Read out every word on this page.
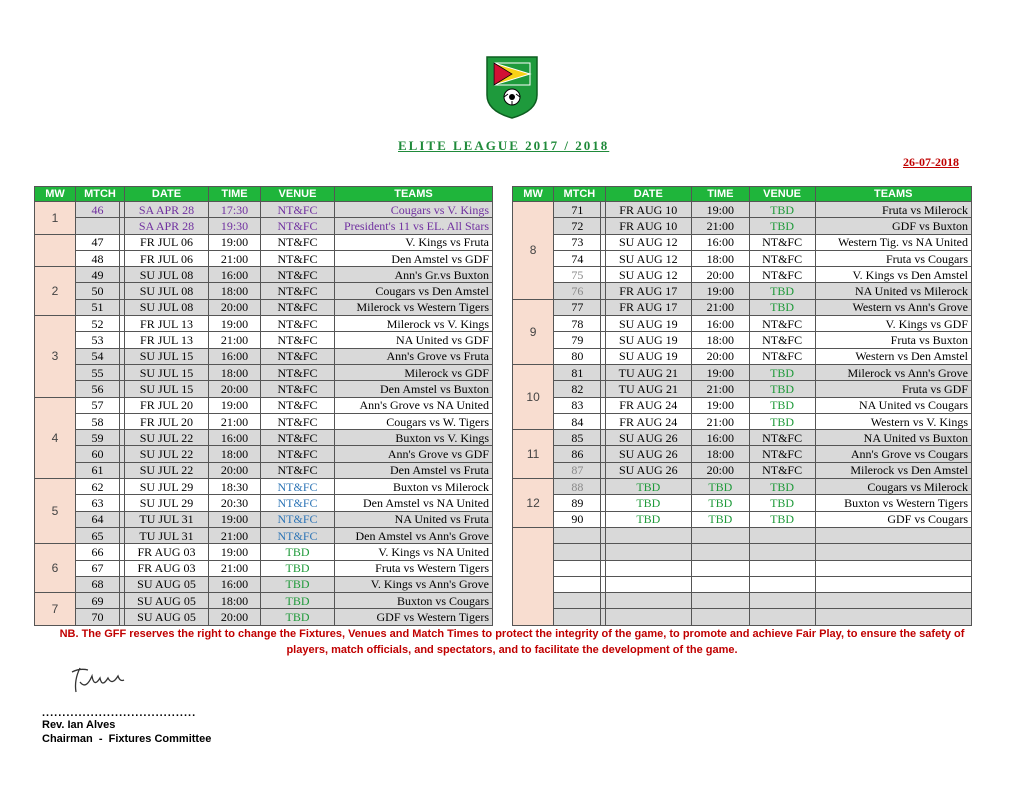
ELITE LEAGUE 2017 / 2018
26-07-2018
MW	MTCH		DATE	TIME	VENUE	TEAMS
1	46		SA APR 28	17:30	NT&FC	Cougars vs V. Kings
			SA APR 28	19:30	NT&FC	President's 11 vs EL. All Stars
	47		FR JUL 06	19:00	NT&FC	V. Kings vs Fruta
	48		FR JUL 06	21:00	NT&FC	Den Amstel vs GDF
2	49		SU JUL 08	16:00	NT&FC	Ann's Gr.vs Buxton
	50		SU JUL 08	18:00	NT&FC	Cougars vs Den Amstel
	51		SU JUL 08	20:00	NT&FC	Milerock vs Western Tigers
3	52		FR JUL 13	19:00	NT&FC	Milerock vs V. Kings
	53		FR JUL 13	21:00	NT&FC	NA United vs GDF
	54		SU JUL 15	16:00	NT&FC	Ann's Grove vs Fruta
	55		SU JUL 15	18:00	NT&FC	Milerock vs GDF
	56		SU JUL 15	20:00	NT&FC	Den Amstel vs Buxton
4	57		FR JUL 20	19:00	NT&FC	Ann's Grove vs NA United
	58		FR JUL 20	21:00	NT&FC	Cougars vs W. Tigers
	59		SU JUL 22	16:00	NT&FC	Buxton vs V. Kings
	60		SU JUL 22	18:00	NT&FC	Ann's Grove vs GDF
	61		SU JUL 22	20:00	NT&FC	Den Amstel vs Fruta
5	62		SU JUL 29	18:30	NT&FC	Buxton vs Milerock
	63		SU JUL 29	20:30	NT&FC	Den Amstel vs NA United
	64		TU JUL 31	19:00	NT&FC	NA United vs Fruta
	65		TU JUL 31	21:00	NT&FC	Den Amstel vs Ann's Grove
6	66		FR AUG 03	19:00	TBD	V. Kings vs NA United
	67		FR AUG 03	21:00	TBD	Fruta vs Western Tigers
	68		SU AUG 05	16:00	TBD	V. Kings vs Ann's Grove
7	69		SU AUG 05	18:00	TBD	Buxton vs Cougars
	70		SU AUG 05	20:00	TBD	GDF vs Western Tigers
MW	MTCH		DATE	TIME	VENUE	TEAMS
8	71		FR AUG 10	19:00	TBD	Fruta vs Milerock
	72		FR AUG 10	21:00	TBD	GDF vs Buxton
	73		SU AUG 12	16:00	NT&FC	Western Tig. vs NA United
	74		SU AUG 12	18:00	NT&FC	Fruta vs Cougars
	75		SU AUG 12	20:00	NT&FC	V. Kings vs Den Amstel
	76		FR AUG 17	19:00	TBD	NA United vs Milerock
9	77		FR AUG 17	21:00	TBD	Western vs Ann's Grove
	78		SU AUG 19	16:00	NT&FC	V. Kings vs GDF
	79		SU AUG 19	18:00	NT&FC	Fruta vs Buxton
	80		SU AUG 19	20:00	NT&FC	Western vs Den Amstel
10	81		TU AUG 21	19:00	TBD	Milerock vs Ann's Grove
	82		TU AUG 21	21:00	TBD	Fruta vs GDF
	83		FR AUG 24	19:00	TBD	NA United vs Cougars
	84		FR AUG 24	21:00	TBD	Western vs V. Kings
11	85		SU AUG 26	16:00	NT&FC	NA United vs Buxton
	86		SU AUG 26	18:00	NT&FC	Ann's Grove vs Cougars
	87		SU AUG 26	20:00	NT&FC	Milerock vs Den Amstel
12	88		TBD	TBD	TBD	Cougars vs Milerock
	89		TBD	TBD	TBD	Buxton vs Western Tigers
	90		TBD	TBD	TBD	GDF vs Cougars

NB. The GFF reserves the right to change the Fixtures, Venues and Match Times to protect the integrity of the game, to promote and achieve Fair Play, to ensure the safety of players, match officials, and spectators, and to facilitate the development of the game.
......................................
Rev. Ian Alves
Chairman  -  Fixtures Committee
